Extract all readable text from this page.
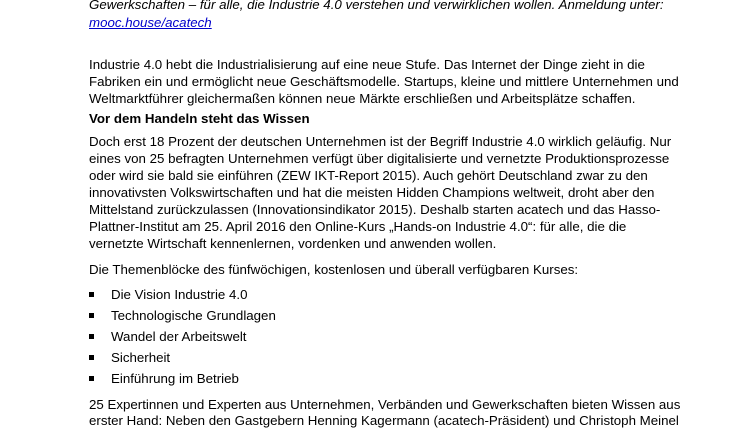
Gewerkschaften – für alle, die Industrie 4.0 verstehen und verwirklichen wollen. Anmeldung unter:
mooc.house/acatech
Industrie 4.0 hebt die Industrialisierung auf eine neue Stufe. Das Internet der Dinge zieht in die
Fabriken ein und ermöglicht neue Geschäftsmodelle. Startups, kleine und mittlere Unternehmen und
Weltmarktführer gleichermaßen können neue Märkte erschließen und Arbeitsplätze schaffen.
Vor dem Handeln steht das Wissen
Doch erst 18 Prozent der deutschen Unternehmen ist der Begriff Industrie 4.0 wirklich geläufig. Nur
eines von 25 befragten Unternehmen verfügt über digitalisierte und vernetzte Produktionsprozesse
oder wird sie bald sie einführen (ZEW IKT-Report 2015). Auch gehört Deutschland zwar zu den
innovativsten Volkswirtschaften und hat die meisten Hidden Champions weltweit, droht aber den
Mittelstand zurückzulassen (Innovationsindikator 2015). Deshalb starten acatech und das Hasso-
Plattner-Institut am 25. April 2016 den Online-Kurs „Hands-on Industrie 4.0“: für alle, die die
vernetzte Wirtschaft kennenlernen, vordenken und anwenden wollen.
Die Themenblöcke des fünfwöchigen, kostenlosen und überall verfügbaren Kurses:
Die Vision Industrie 4.0
Technologische Grundlagen
Wandel der Arbeitswelt
Sicherheit
Einführung im Betrieb
25 Expertinnen und Experten aus Unternehmen, Verbänden und Gewerkschaften bieten Wissen aus
erster Hand: Neben den Gastgebern Henning Kagermann (acatech-Präsident) und Christoph Meinel
